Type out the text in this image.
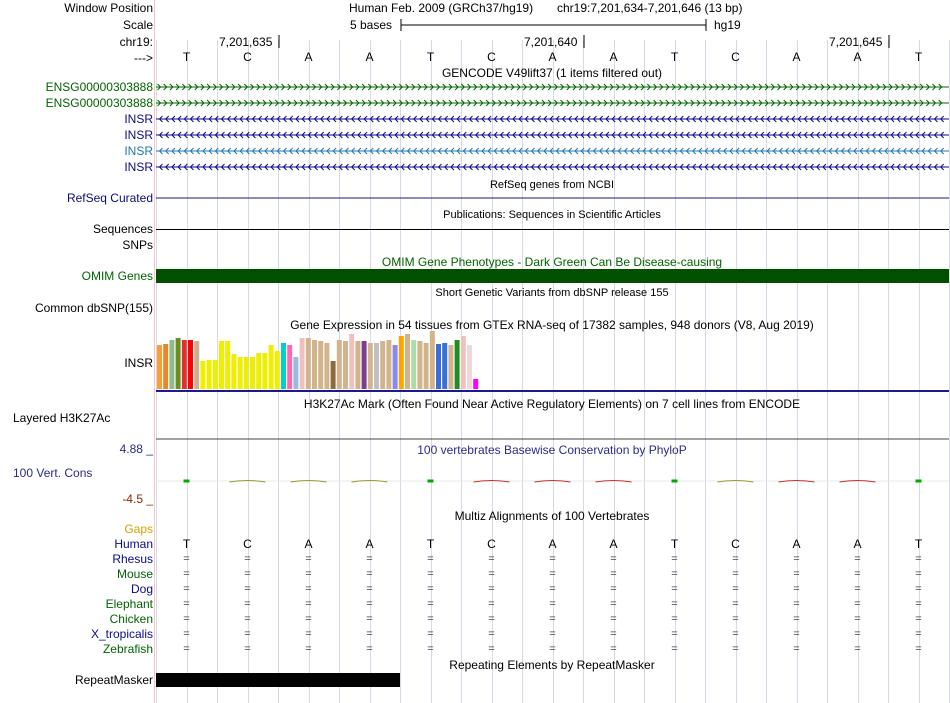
Window Position	Human Feb. 2009 (GRCh37/hg19) chr19:7,201,634-7,201,646 (13 bp)
Scale	5 bases	hg19
chr19:	7,201,635	7,201,640	7,201,645
--->
GENCODE V49lift37 (1 items filtered out)
RefSeq genes from NCBI
RefSeq Curated
Publications: Sequences in Scientific Articles
Sequences
SNPs
OMIM Gene Phenotypes - Dark Green Can Be Disease-causing
OMIM Genes
Short Genetic Variants from dbSNP release 155
Common dbSNP(155)
Gene Expression in 54 tissues from GTEx RNA-seq of 17382 samples, 948 donors (V8, Aug 2019)
INSR
H3K27Ac Mark (Often Found Near Active Regulatory Elements) on 7 cell lines from ENCODE
Layered H3K27Ac
100 vertebrates Basewise Conservation by PhyloP
4.88 _
100 Vert. Cons
-4.5 _
Multiz Alignments of 100 Vertebrates
Gaps
Repeating Elements by RepeatMasker
RepeatMasker
T	C	A	A	T	C	A	A	T	C	A	A	T
ENSG00000303888
ENSG00000303888
INSR
INSR
INSR
INSR
Human T	C	A	A	T	C	A	A	T	C	A	A	T
Rhesus	=	=	=	=	=	=	=	=	=	=	=	=	=
Mouse	=	=	=	=	=	=	=	=	=	=	=	=	=
Dog	=	=	=	=	=	=	=	=	=	=	=	=	=
Elephant	=	=	=	=	=	=	=	=	=	=	=	=	=
Chicken	=	=	=	=	=	=	=	=	=	=	=	=	=
X_tropicalis	=	=	=	=	=	=	=	=	=	=	=	=	=
Zebrafish	=	=	=	=	=	=	=	=	=	=	=	=	=
